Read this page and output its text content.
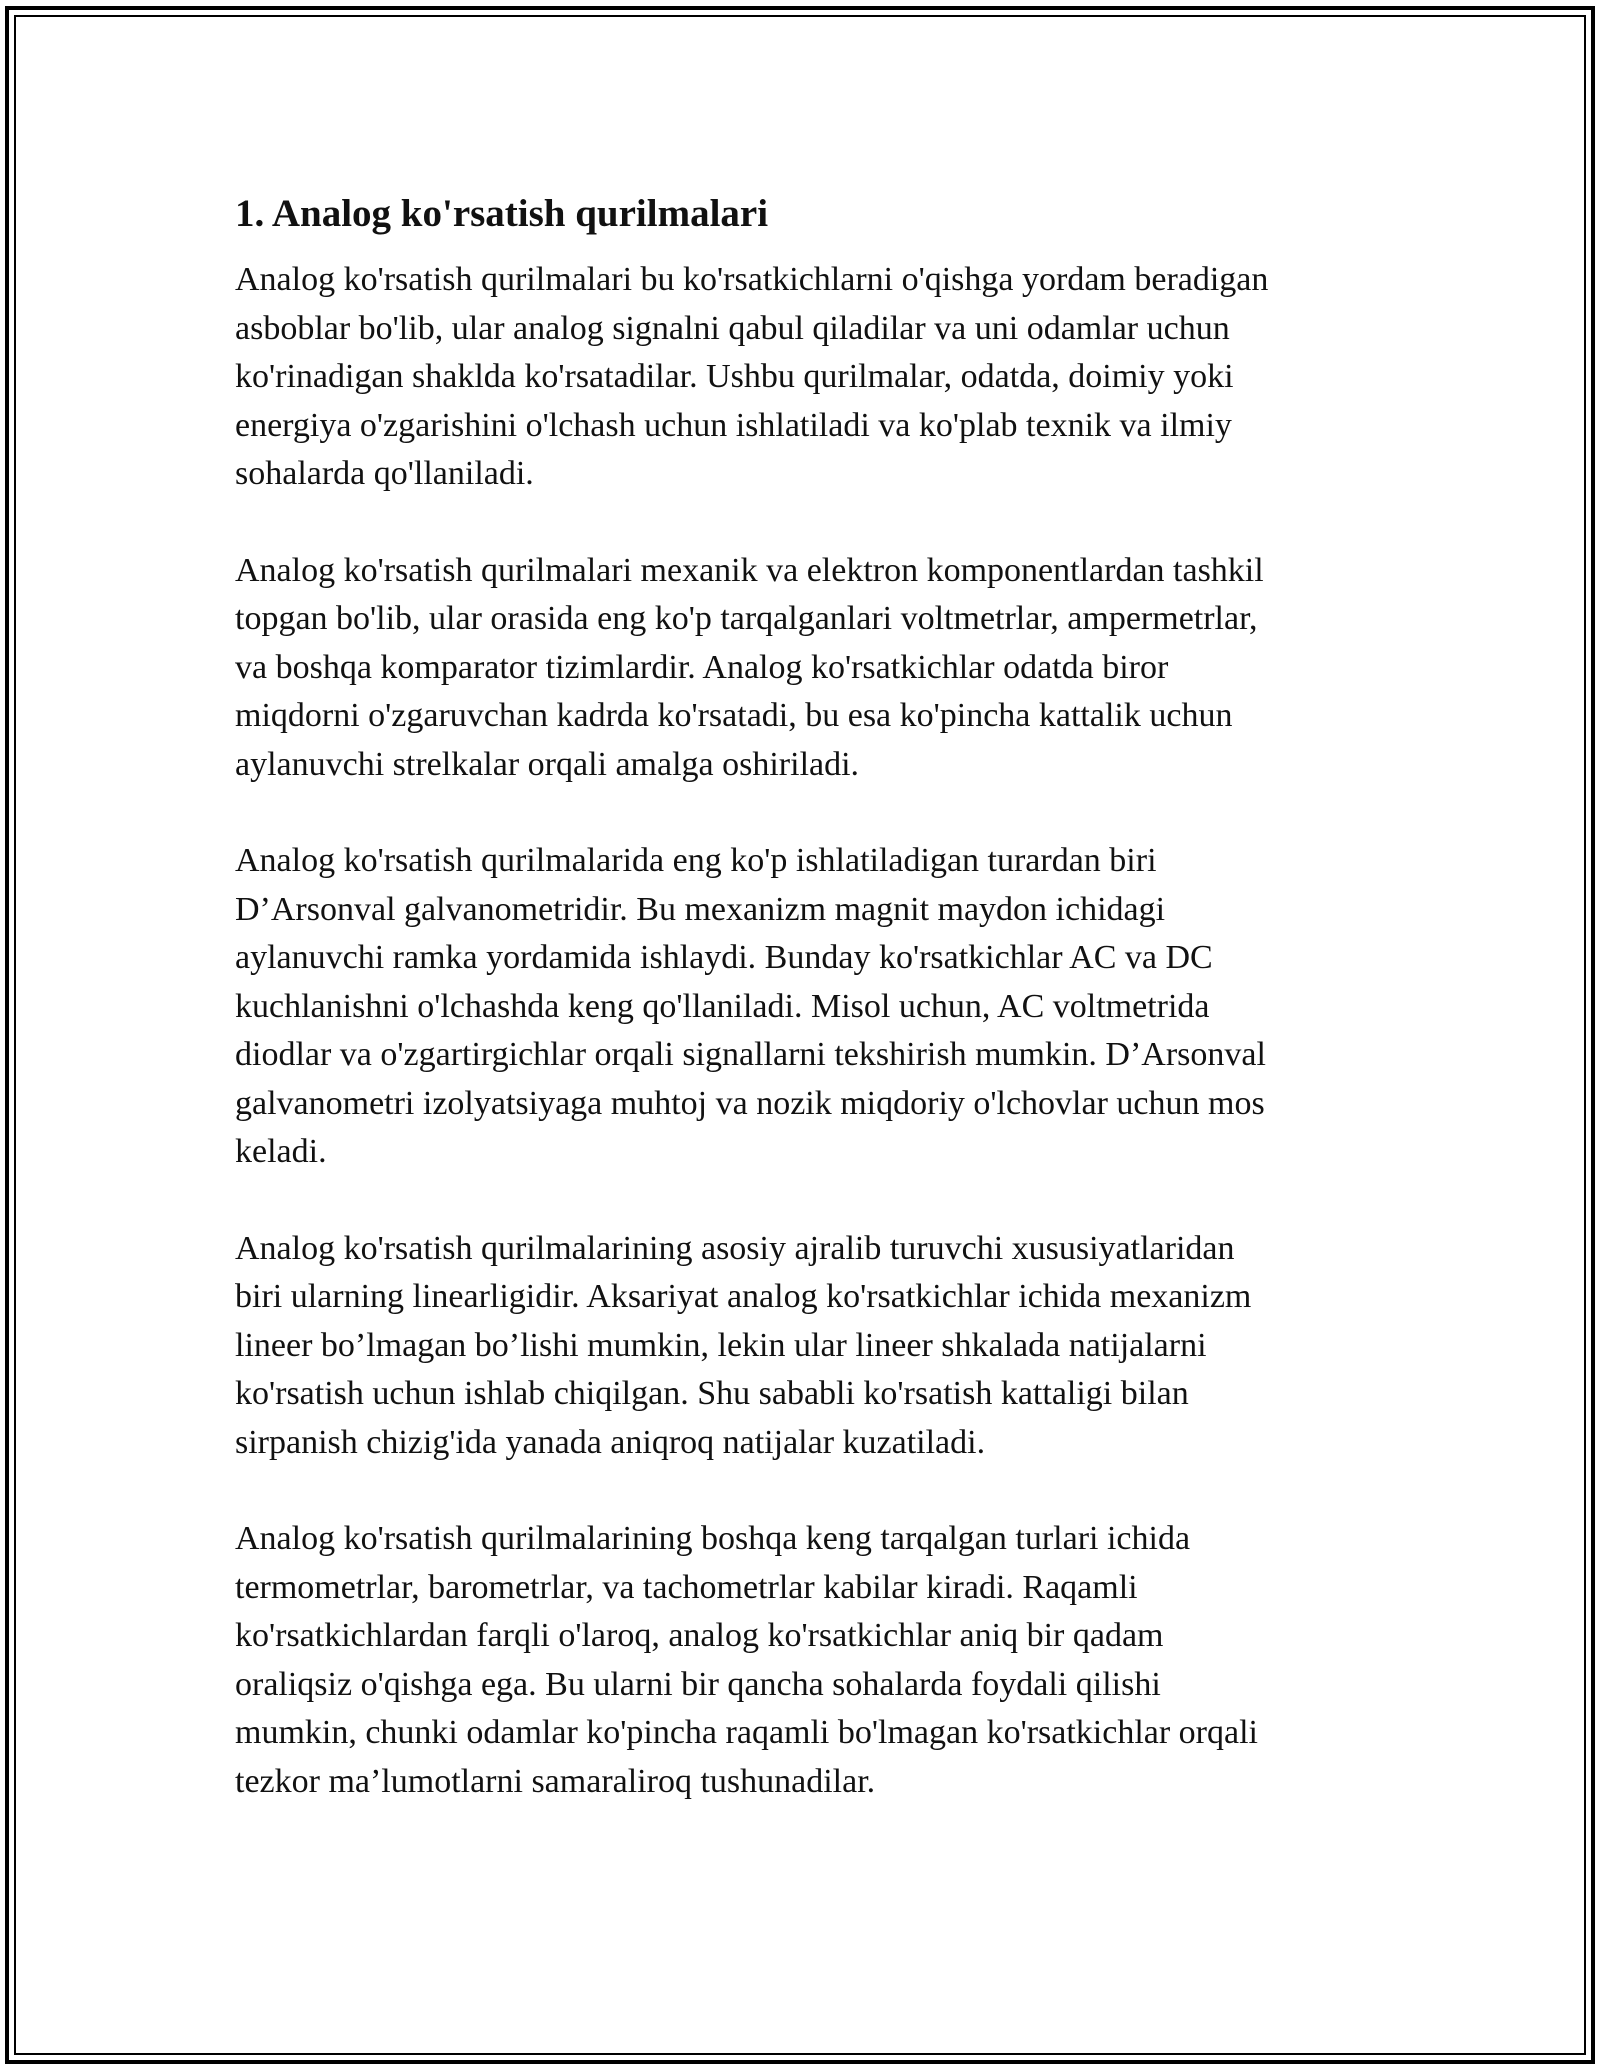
1. Analog ko'rsatish qurilmalari

Analog ko'rsatish qurilmalari bu ko'rsatkichlarni o'qishga yordam beradigan
asboblar bo'lib, ular analog signalni qabul qiladilar va uni odamlar uchun
ko'rinadigan shakldа ko'rsatadilar. Ushbu qurilmalar, odatda, doimiy yoki
energiya o'zgarishini o'lchash uchun ishlatiladi va ko'plab texnik va ilmiy
sohalarda qo'llaniladi.

Analog ko'rsatish qurilmalari mexanik va elektron komponentlardan tashkil
topgan bo'lib, ular orasida eng ko'p tarqalganlari voltmetrlar, ampermetrlar,
va boshqa komparator tizimlardir. Analog ko'rsatkichlar odatda biror
miqdorni o'zgaruvchan kadrda ko'rsatadi, bu esa ko'pincha kattalik uchun
aylanuvchi strelkalar orqali amalga oshiriladi.

Analog ko'rsatish qurilmalarida eng ko'p ishlatiladigan turardan biri
D’Arsonval galvanometridir. Bu mexanizm magnit maydon ichidagi
aylanuvchi ramka yordamida ishlaydi. Bunday ko'rsatkichlar AC va DC
kuchlanishni o'lchashda keng qo'llaniladi. Misol uchun, AC voltmetrida
diodlar va o'zgartirgichlar orqali signallarni tekshirish mumkin. D’Arsonval
galvanometri izolyatsiyaga muhtoj va nozik miqdoriy o'lchovlar uchun mos
keladi.

Analog ko'rsatish qurilmalarining asosiy ajralib turuvchi xususiyatlaridan
biri ularning linearligidir. Aksariyat analog ko'rsatkichlar ichida mexanizm
lineer bo’lmagan bo’lishi mumkin, lekin ular lineer shkalada natijalarni
ko'rsatish uchun ishlab chiqilgan. Shu sababli ko'rsatish kattaligi bilan
sirpanish chizig'ida yanada aniqroq natijalar kuzatiladi.

Analog ko'rsatish qurilmalarining boshqa keng tarqalgan turlari ichida
termometrlar, barometrlar, va tachometrlar kabilar kiradi. Raqamli
ko'rsatkichlardan farqli o'laroq, analog ko'rsatkichlar aniq bir qadam
oraliqsiz o'qishga ega. Bu ularni bir qancha sohalarda foydali qilishi
mumkin, chunki odamlar ko'pincha raqamli bo'lmagan ko'rsatkichlar orqali
tezkor ma’lumotlarni samaraliroq tushunadilar.
